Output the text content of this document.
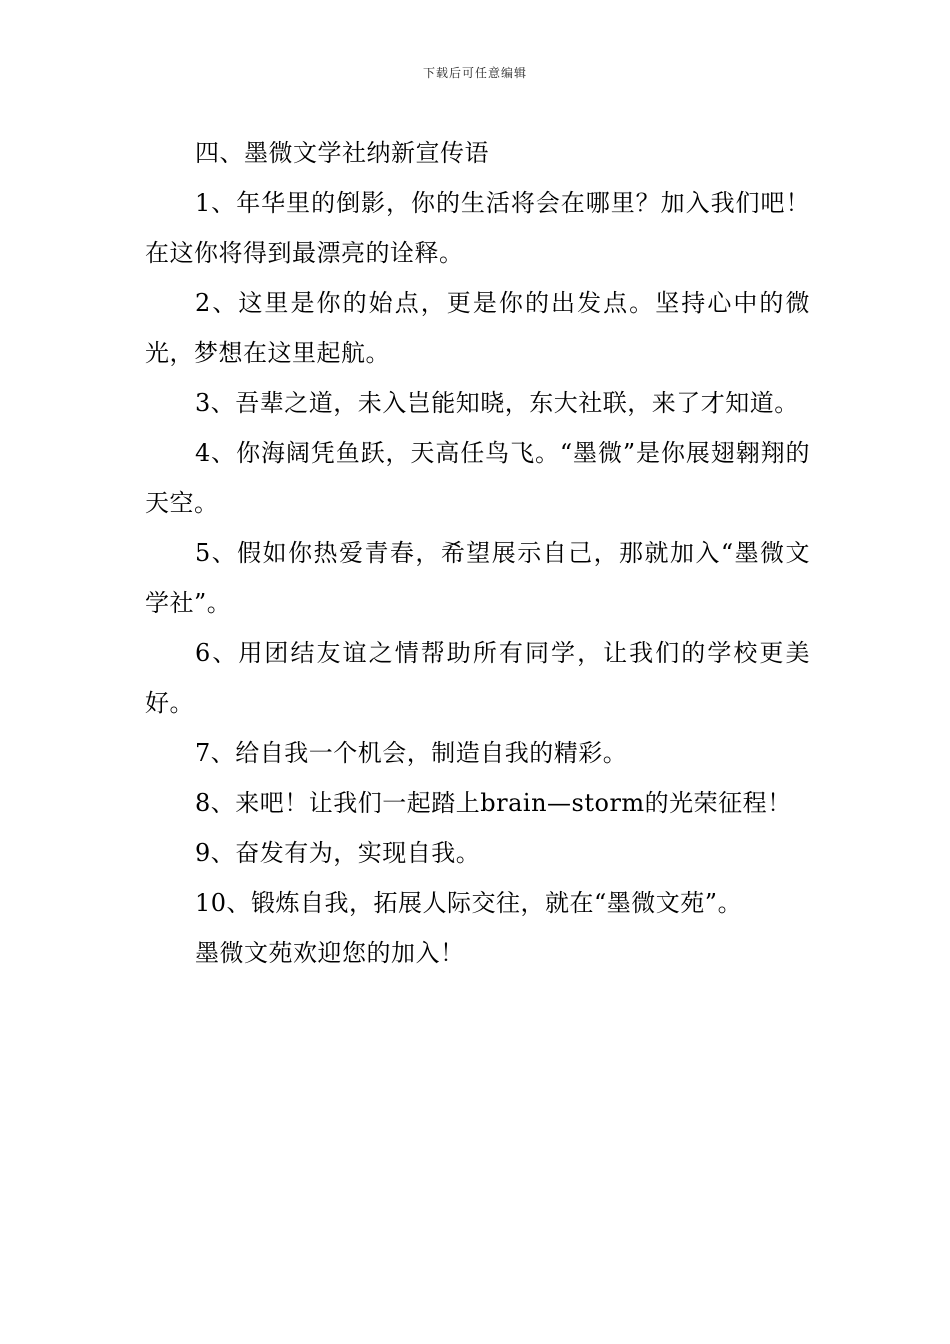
下载后可任意编辑

四、墨微文学社纳新宣传语

1、年华里的倒影，你的生活将会在哪里？加入我们吧！在这你将得到最漂亮的诠释。

2、这里是你的始点，更是你的出发点。坚持心中的微光，梦想在这里起航。

3、吾辈之道，未入岂能知晓，东大社联，来了才知道。

4、你海阔凭鱼跃，天高任鸟飞。“墨微”是你展翅翱翔的天空。

5、假如你热爱青春，希望展示自己，那就加入“墨微文学社”。

6、用团结友谊之情帮助所有同学，让我们的学校更美好。

7、给自我一个机会，制造自我的精彩。

8、来吧！让我们一起踏上brain—storm的光荣征程！

9、奋发有为，实现自我。

10、锻炼自我，拓展人际交往，就在“墨微文苑”。

墨微文苑欢迎您的加入！
